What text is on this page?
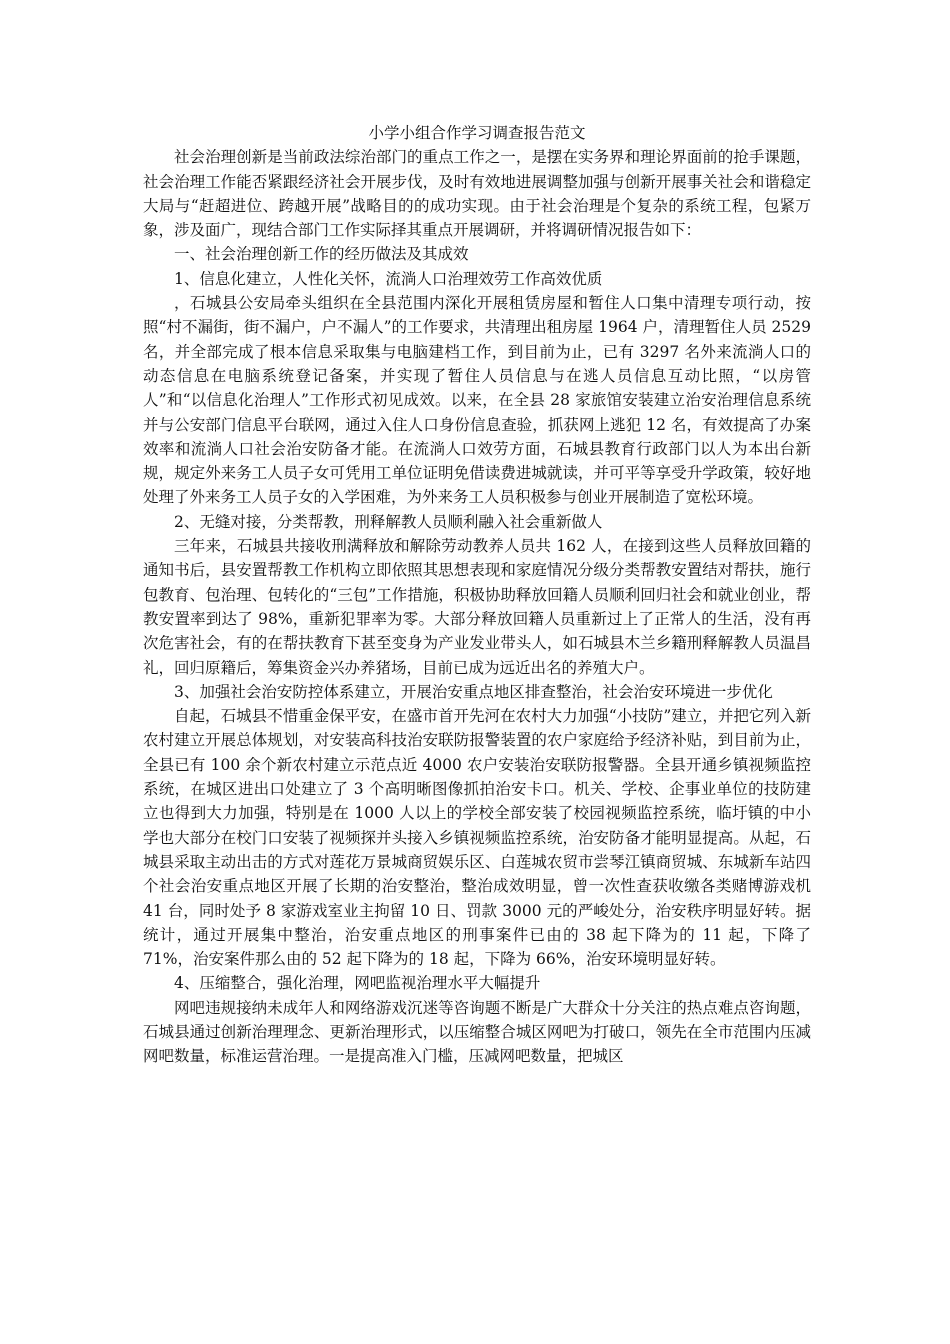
小学小组合作学习调查报告范文

社会治理创新是当前政法综治部门的重点工作之一，是摆在实务界和理论界面前的抢手课题，社会治理工作能否紧跟经济社会开展步伐，及时有效地进展调整加强与创新开展事关社会和谐稳定大局与“赶超进位、跨越开展”战略目的的成功实现。由于社会治理是个复杂的系统工程，包紧万象，涉及面广，现结合部门工作实际择其重点开展调研，并将调研情况报告如下：

一、社会治理创新工作的经历做法及其成效

1、信息化建立，人性化关怀，流淌人口治理效劳工作高效优质

，石城县公安局牵头组织在全县范围内深化开展租赁房屋和暂住人口集中清理专项行动，按照“村不漏街，街不漏户，户不漏人”的工作要求，共清理出租房屋 1964 户，清理暂住人员 2529 名，并全部完成了根本信息采取集与电脑建档工作，到目前为止，已有 3297 名外来流淌人口的动态信息在电脑系统登记备案，并实现了暂住人员信息与在逃人员信息互动比照，“以房管人”和“以信息化治理人”工作形式初见成效。以来，在全县 28 家旅馆安装建立治安治理信息系统并与公安部门信息平台联网，通过入住人口身份信息查验，抓获网上逃犯 12 名，有效提高了办案效率和流淌人口社会治安防备才能。在流淌人口效劳方面，石城县教育行政部门以人为本出台新规，规定外来务工人员子女可凭用工单位证明免借读费进城就读，并可平等享受升学政策，较好地处理了外来务工人员子女的入学困难，为外来务工人员积极参与创业开展制造了宽松环境。

2、无缝对接，分类帮教，刑释解教人员顺利融入社会重新做人

三年来，石城县共接收刑满释放和解除劳动教养人员共 162 人，在接到这些人员释放回籍的通知书后，县安置帮教工作机构立即依照其思想表现和家庭情况分级分类帮教安置结对帮扶，施行包教育、包治理、包转化的“三包”工作措施，积极协助释放回籍人员顺利回归社会和就业创业，帮教安置率到达了 98%，重新犯罪率为零。大部分释放回籍人员重新过上了正常人的生活，没有再次危害社会，有的在帮扶教育下甚至变身为产业发业带头人，如石城县木兰乡籍刑释解教人员温昌礼，回归原籍后，筹集资金兴办养猪场，目前已成为远近出名的养殖大户。

3、加强社会治安防控体系建立，开展治安重点地区排查整治，社会治安环境进一步优化

自起，石城县不惜重金保平安，在盛市首开先河在农村大力加强“小技防”建立，并把它列入新农村建立开展总体规划，对安装高科技治安联防报警装置的农户家庭给予经济补贴，到目前为止，全县已有 100 余个新农村建立示范点近 4000 农户安装治安联防报警器。全县开通乡镇视频监控系统，在城区进出口处建立了 3 个高明晰图像抓拍治安卡口。机关、学校、企事业单位的技防建立也得到大力加强，特别是在 1000 人以上的学校全部安装了校园视频监控系统，临圩镇的中小学也大部分在校门口安装了视频探并头接入乡镇视频监控系统，治安防备才能明显提高。从起，石城县采取主动出击的方式对莲花万景城商贸娱乐区、白莲城农贸市尝琴江镇商贸城、东城新车站四个社会治安重点地区开展了长期的治安整治，整治成效明显，曾一次性查获收缴各类赌博游戏机 41 台，同时处予 8 家游戏室业主拘留 10 日、罚款 3000 元的严峻处分，治安秩序明显好转。据统计，通过开展集中整治，治安重点地区的刑事案件已由的 38 起下降为的 11 起，下降了 71%，治安案件那么由的 52 起下降为的 18 起，下降为 66%，治安环境明显好转。

4、压缩整合，强化治理，网吧监视治理水平大幅提升

网吧违规接纳未成年人和网络游戏沉迷等咨询题不断是广大群众十分关注的热点难点咨询题，石城县通过创新治理理念、更新治理形式，以压缩整合城区网吧为打破口，领先在全市范围内压减网吧数量，标准运营治理。一是提高准入门槛，压减网吧数量，把城区
